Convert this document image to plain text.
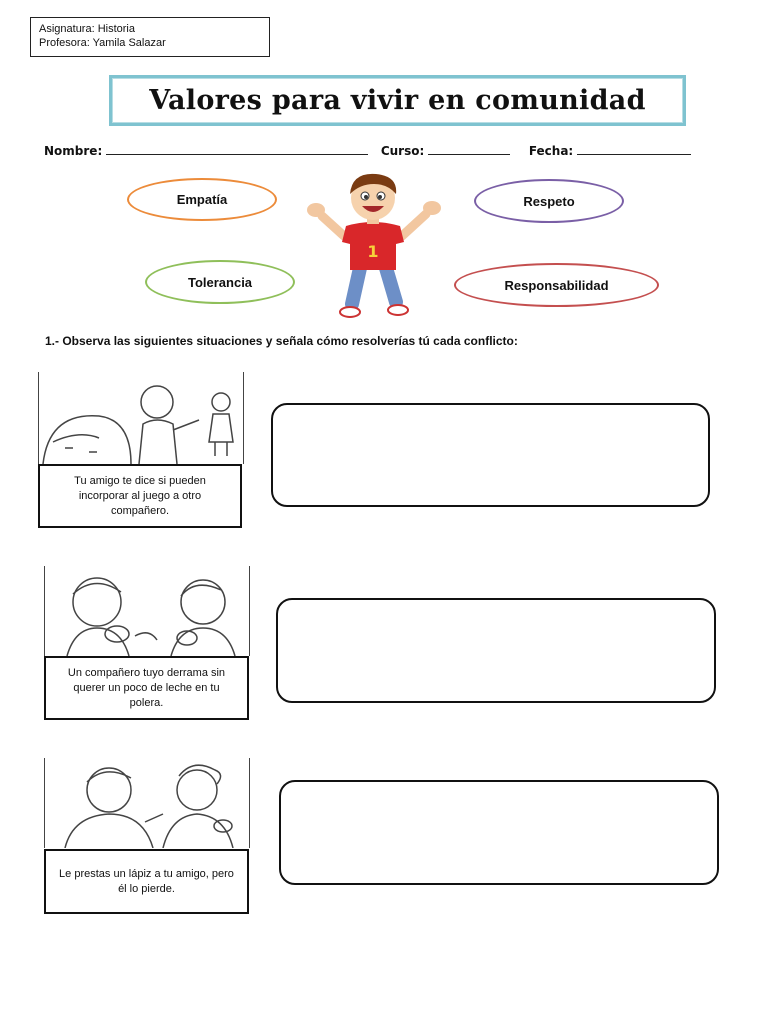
Asignatura: Historia
Profesora: Yamila Salazar
Valores para vivir en comunidad
Nombre:	Curso:	Fecha:
Empatía	Respeto
Tolerancia	Responsabilidad
1
1.- Observa las siguientes situaciones y señala cómo resolverías tú cada conflicto:
Tu amigo te dice si pueden incorporar al juego a otro compañero.
Un compañero tuyo derrama sin querer un poco de leche en tu polera.
Le prestas un lápiz a tu amigo, pero él lo pierde.
